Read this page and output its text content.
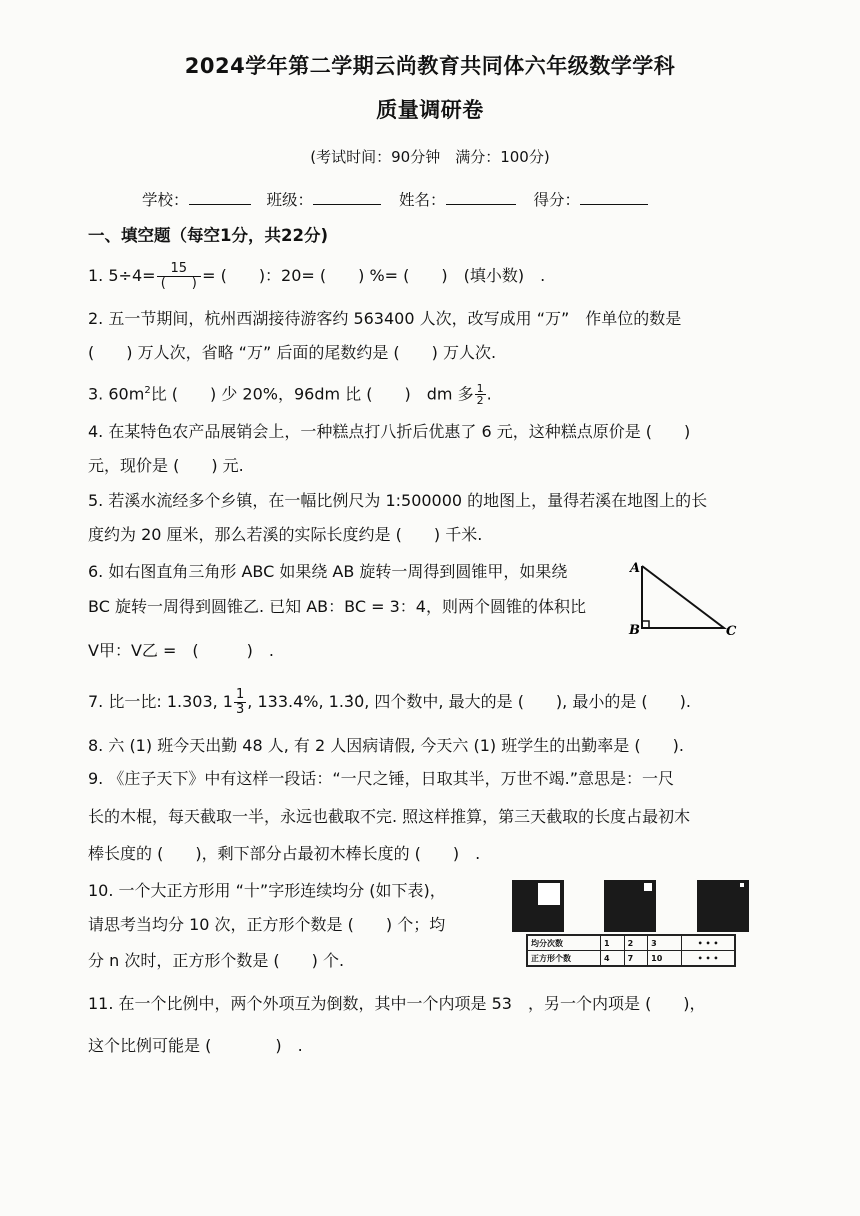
2024学年第二学期云尚教育共同体六年级数学学科
质量调研卷
(考试时间：90分钟　满分：100分)
学校：	班级：	姓名：	得分：
一、填空题（每空1分，共22分)
1. $5\div 4= \frac{15}{( )}$ = (　　)：20= (　　) %= (　　)　(填小数)　.
2. 五一节期间，杭州西湖接待游客约 563400 人次，改写成用 “万”　作单位的数是
(　　) 万人次，省略 “万” 后面的尾数约是 (　　) 万人次.
3. $60m^2$比 (　　) 少 20%，96dm 比 (　　)　dm 多 $\frac{1}{2}$ .
4. 在某特色农产品展销会上，一种糕点打八折后优惠了 6 元，这种糕点原价是 (　　)
元，现价是 (　　) 元.
5. 若溪水流经多个乡镇，在一幅比例尺为 1:500000 的地图上，量得若溪在地图上的长
度约为 20 厘米，那么若溪的实际长度约是 (　　) 千米.
6. 如右图直角三角形 ABC 如果绕 AB 旋转一周得到圆锥甲，如果绕
BC 旋转一周得到圆锥乙. 已知 AB：BC = 3：4，则两个圆锥的体积比
V甲：V乙 =　(　　　)　.
A
B	C
7. 比一比: 1.303, $1 \frac{1}{3}$ , 133.4%, 1.3̇0̇, 四个数中, 最大的是 (　　), 最小的是 (　　).
8. 六 (1) 班今天出勤 48 人, 有 2 人因病请假, 今天六 (1) 班学生的出勤率是 (　　).
9. 《庄子天下》中有这样一段话：“一尺之锤，日取其半，万世不竭.”意思是：一尺
长的木棍，每天截取一半，永远也截取不完. 照这样推算，第三天截取的长度占最初木
棒长度的 (　　)，剩下部分占最初木棒长度的 (　　)　.
10. 一个大正方形用 “十”字形连续均分 (如下表)，
请思考当均分 10 次，正方形个数是 (　　) 个；均
分 n 次时，正方形个数是 (　　) 个.
均分次数	1	2	3	• • •
正方形个数	4	7	10	• • •
11. 在一个比例中，两个外项互为倒数，其中一个内项是 53　，另一个内项是 (　　)，
这个比例可能是 (　　　　)　.
